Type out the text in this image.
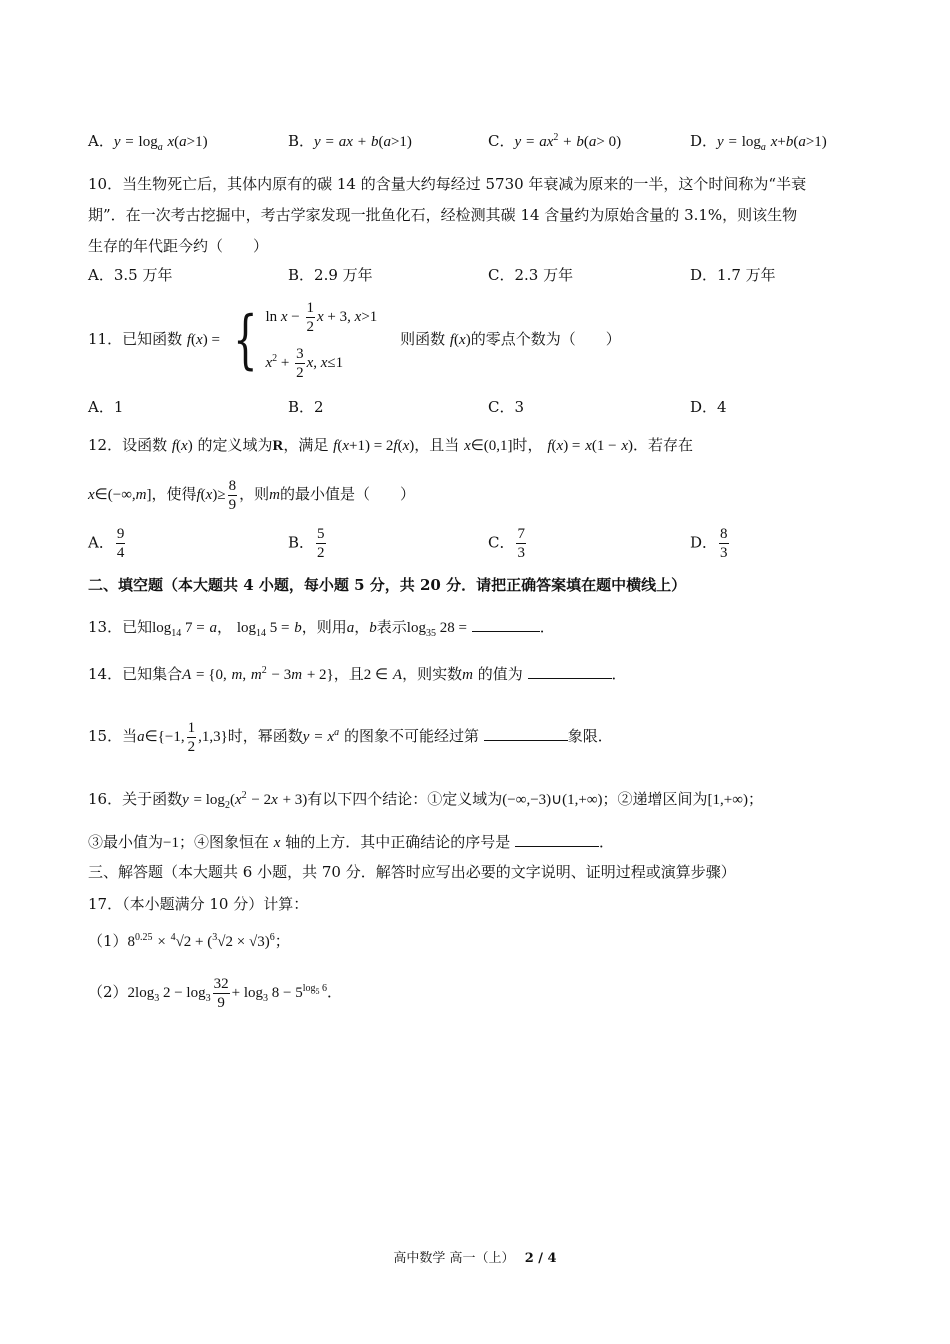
A．$y = \log_a x(a>1)$	B．y = ax + b(a>1)	C．$y = ax^2 + b(a> 0)$	D．$y = \log_a x+b(a>1)$
10．当生物死亡后，其体内原有的碳 14 的含量大约每经过 5730 年衰减为原来的一半，这个时间称为“半衰
期”．在一次考古挖掘中，考古学家发现一批鱼化石，经检测其碳 14 含量约为原始含量的 3.1%，则该生物
生存的年代距今约（　　）
A．3.5 万年	B．2.9 万年	C．2.3 万年	D．1.7 万年
11．已知函数 f(x) = { $\ln x - \frac{1}{2}$ x + 3, x>1
$x^2 + \frac{3}{2} x$, x≤1
则函数 f(x)的零点个数为（　　）
A．1	B．2	C．3	D．4
12．设函数 f(x) 的定义域为R，满足 f(x+1) = 2f(x)，且当 x∈(0,1]时， f(x) = x(1 − x)．若存在
x∈(−∞,m]，使得$f(x)\ge \frac{8}{9}$ ，则m的最小值是（　　）
A． $\frac{9}{4}$	B． $\frac{5}{2}$	C． $\frac{7}{3}$	D． $\frac{8}{3}$
二、填空题（本大题共 4 小题，每小题 5 分，共 20 分．请把正确答案填在题中横线上）
13．已知$\log_{14} 7 = a$， $\log_{14} 5 = b$，则用a，b表示$\log_{35} 28$ =	．
14．已知集合A = {0, m, $m^2 - 3m + 2$}，且2 ∈ A，则实数m 的值为	．
15．当a∈{−1, $\frac{1}{2} ,1,3$}时，幂函数$y = x^a$ 的图象不可能经过第	象限．
16．关于函数$y = \log_2(x^2 - 2x + 3)$有以下四个结论：①定义域为(−∞,−3)∪(1,+∞)；②递增区间为[1,+∞)；
③最小值为−1；④图象恒在 x 轴的上方．其中正确结论的序号是	．
三、解答题（本大题共 6 小题，共 70 分．解答时应写出必要的文字说明、证明过程或演算步骤）
17．（本小题满分 10 分）计算：
$(1)8^{0.25} \times ^4√2 + (^3√2 \times √3)^6$；
$(2)2\log_3$ $2 - \log_3 \frac{32}{9} + \log_3 8 - 5^{log_5 6}$．
高中数学 高一（上） 2 / 4
